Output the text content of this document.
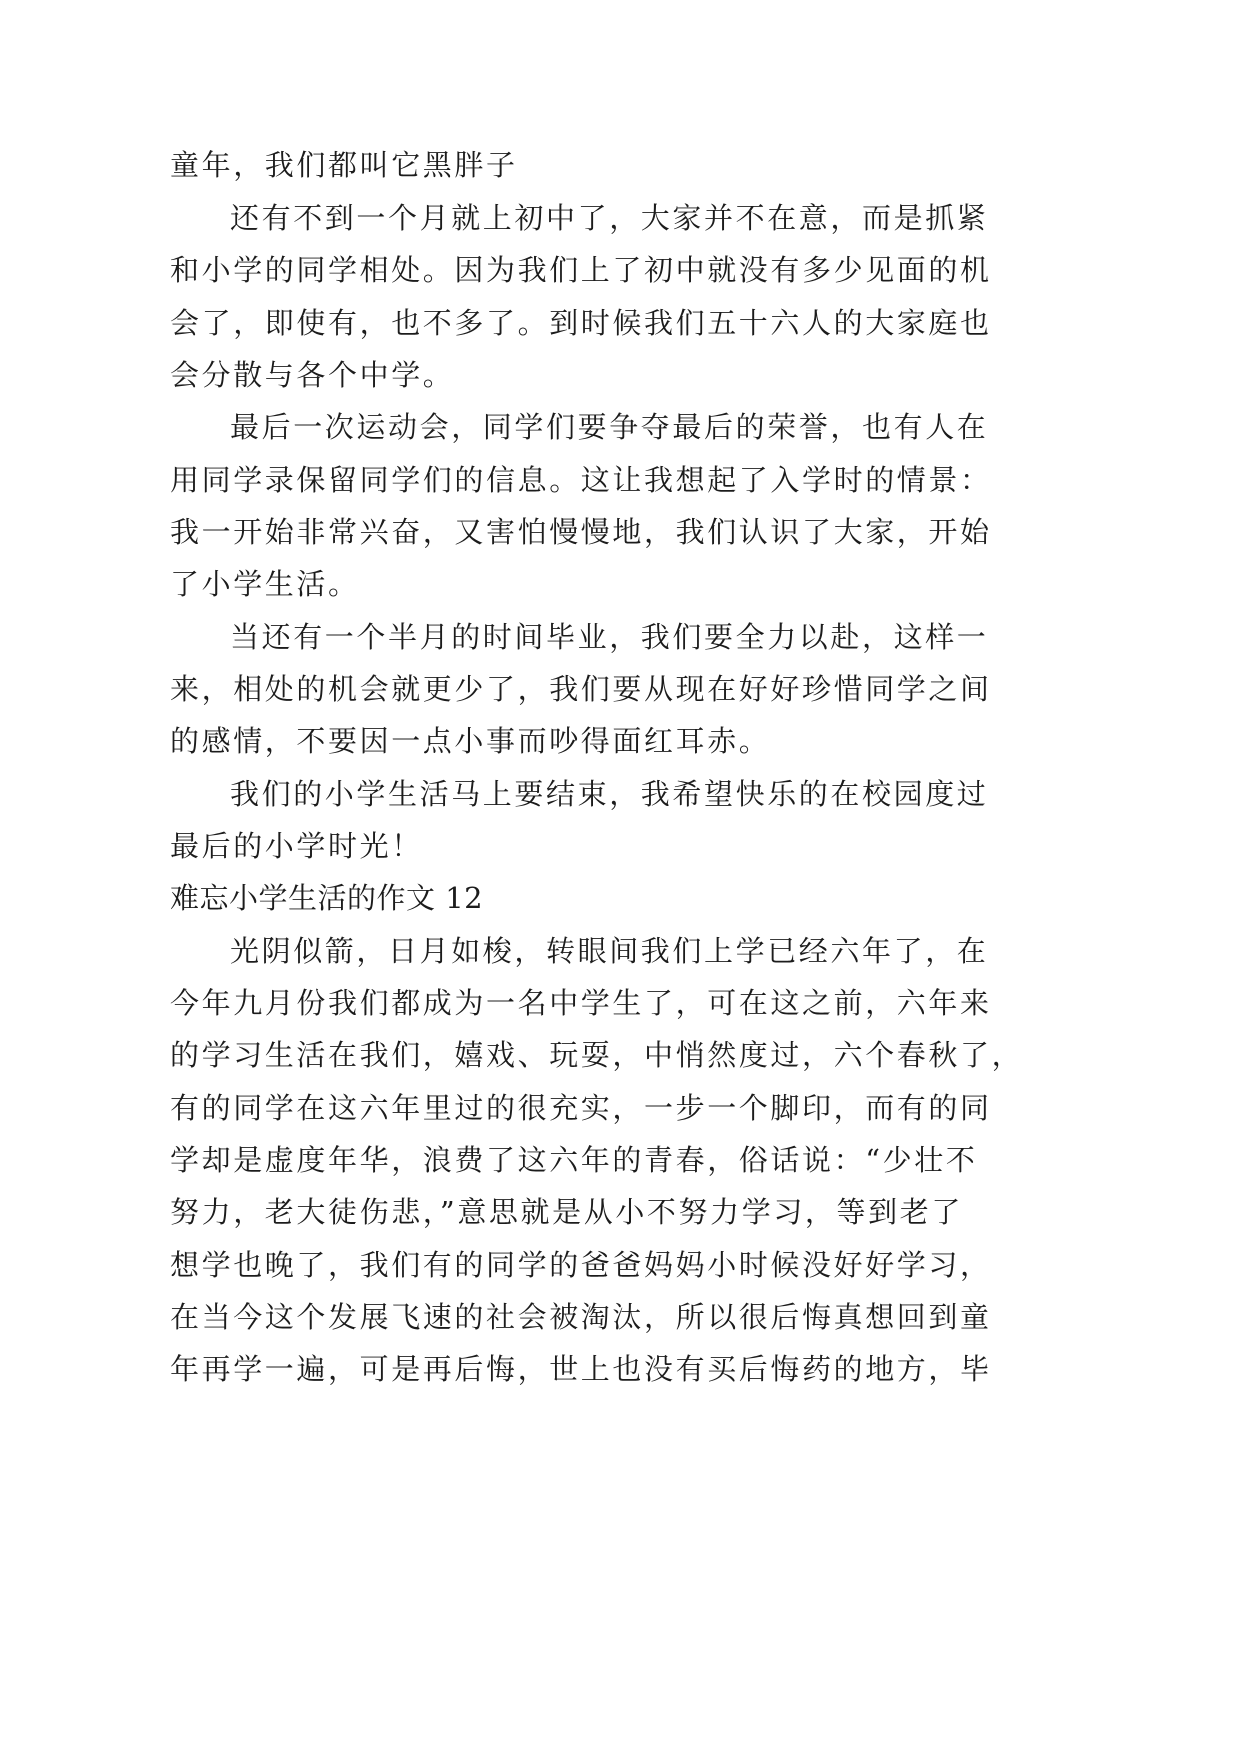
童年，我们都叫它黑胖子
还有不到一个月就上初中了，大家并不在意，而是抓紧
和小学的同学相处。因为我们上了初中就没有多少见面的机
会了，即使有，也不多了。到时候我们五十六人的大家庭也
会分散与各个中学。
最后一次运动会，同学们要争夺最后的荣誉，也有人在
用同学录保留同学们的信息。这让我想起了入学时的情景：
我一开始非常兴奋，又害怕慢慢地，我们认识了大家，开始
了小学生活。
当还有一个半月的时间毕业，我们要全力以赴，这样一
来，相处的机会就更少了，我们要从现在好好珍惜同学之间
的感情，不要因一点小事而吵得面红耳赤。
我们的小学生活马上要结束，我希望快乐的在校园度过
最后的小学时光！
难忘小学生活的作文 12
光阴似箭，日月如梭，转眼间我们上学已经六年了，在
今年九月份我们都成为一名中学生了，可在这之前，六年来
的学习生活在我们，嬉戏、玩耍，中悄然度过，六个春秋了，
有的同学在这六年里过的很充实，一步一个脚印，而有的同
学却是虚度年华，浪费了这六年的青春，俗话说：“少壮不
努力，老大徒伤悲，”意思就是从小不努力学习，等到老了
想学也晚了，我们有的同学的爸爸妈妈小时候没好好学习，
在当今这个发展飞速的社会被淘汰，所以很后悔真想回到童
年再学一遍，可是再后悔，世上也没有买后悔药的地方，毕
